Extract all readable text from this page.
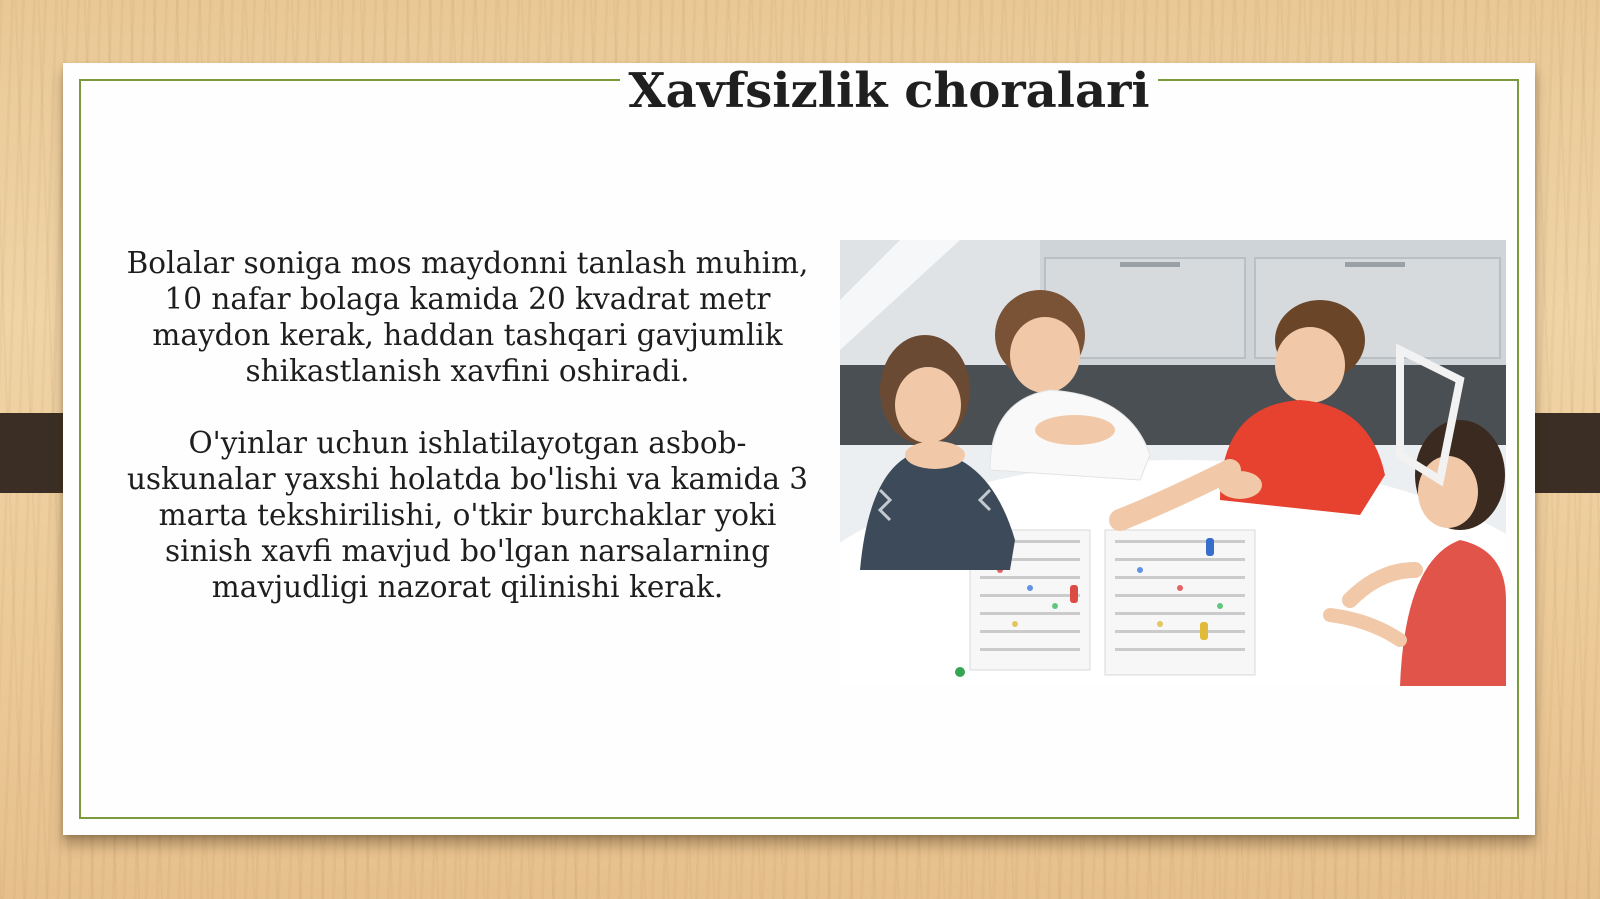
Xavfsizlik choralari

Bolalar soniga mos maydonni tanlash muhim, 10 nafar bolaga kamida 20 kvadrat metr maydon kerak, haddan tashqari gavjumlik shikastlanish xavfini oshiradi.

O'yinlar uchun ishlatilayotgan asbob-uskunalar yaxshi holatda bo'lishi va kamida 3 marta tekshirilishi, o'tkir burchaklar yoki sinish xavfi mavjud bo'lgan narsalarning mavjudligi nazorat qilinishi kerak.
